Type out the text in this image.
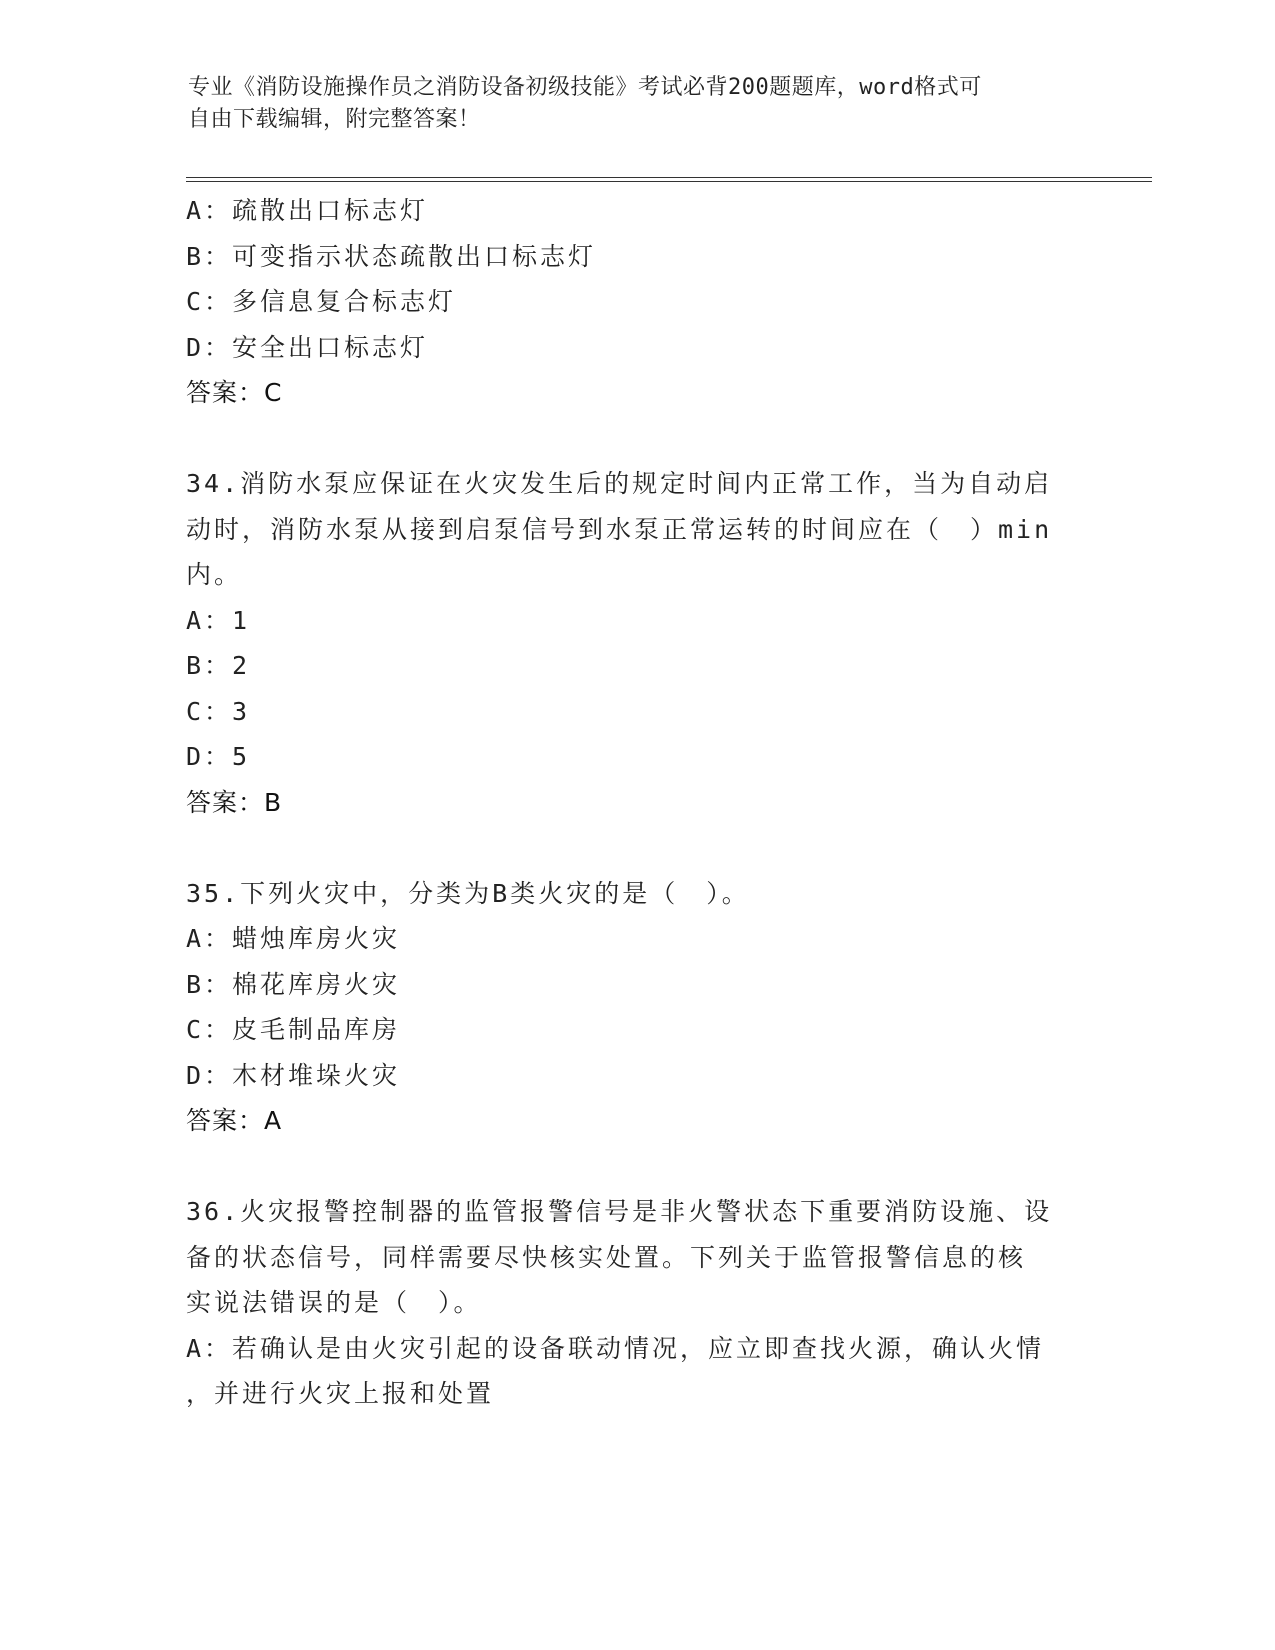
专业《消防设施操作员之消防设备初级技能》考试必背200题题库，word格式可
自由下载编辑，附完整答案！
A：疏散出口标志灯
B：可变指示状态疏散出口标志灯
C：多信息复合标志灯
D：安全出口标志灯
答案：C
34.消防水泵应保证在火灾发生后的规定时间内正常工作，当为自动启
动时，消防水泵从接到启泵信号到水泵正常运转的时间应在（　）min
内。
A：1
B：2
C：3
D：5
答案：B
35.下列火灾中，分类为B类火灾的是（　）。
A：蜡烛库房火灾
B：棉花库房火灾
C：皮毛制品库房
D：木材堆垛火灾
答案：A
36.火灾报警控制器的监管报警信号是非火警状态下重要消防设施、设
备的状态信号，同样需要尽快核实处置。下列关于监管报警信息的核
实说法错误的是（　）。
A：若确认是由火灾引起的设备联动情况，应立即查找火源，确认火情
，并进行火灾上报和处置
